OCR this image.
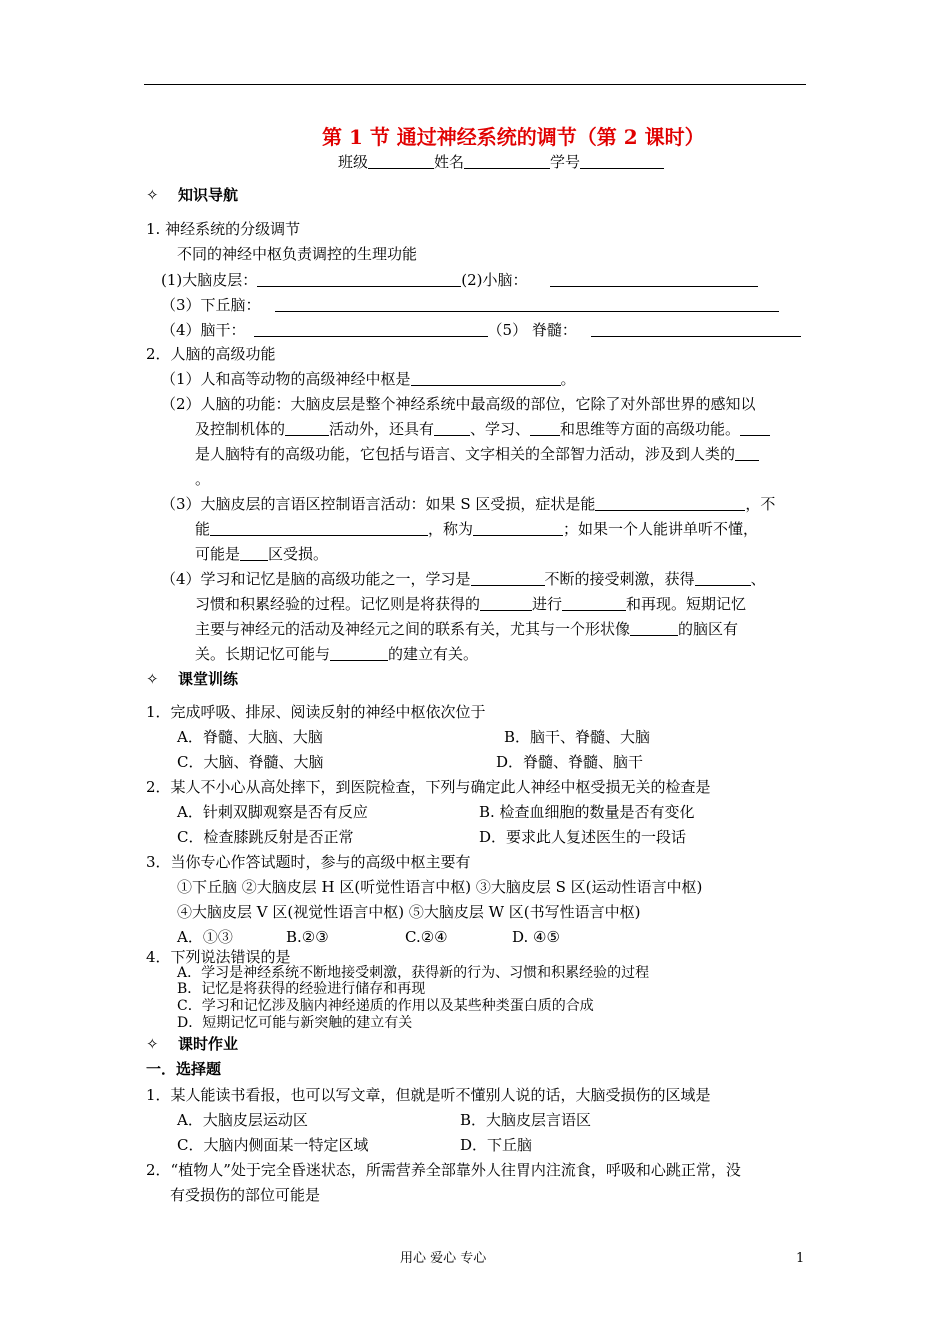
第 1 节 通过神经系统的调节（第 2 课时）
班级	姓名	学号
✧ 知识导航
1. 神经系统的分级调节
不同的神经中枢负责调控的生理功能
(1)大脑皮层：	(2)小脑：
（3）下丘脑：
（4）脑干：	（5） 脊髓：
2．人脑的高级功能
（1）人和高等动物的高级神经中枢是	。
（2）人脑的功能：大脑皮层是整个神经系统中最高级的部位，它除了对外部世界的感知以
及控制机体的	活动外，还具有 、学习、 和思维等方面的高级功能。
是人脑特有的高级功能，它包括与语言、文字相关的全部智力活动，涉及到人类的
。
（3）大脑皮层的言语区控制语言活动：如果 S 区受损，症状是能	，不
能	，称为	；如果一个人能讲单听不懂，
可能是 区受损。
（4）学习和记忆是脑的高级功能之一，学习是	不断的接受刺激，获得	、
习惯和积累经验的过程。记忆则是将获得的	进行	和再现。短期记忆
主要与神经元的活动及神经元之间的联系有关，尤其与一个形状像	的脑区有
关。长期记忆可能与	的建立有关。
✧ 课堂训练
1．完成呼吸、排尿、阅读反射的神经中枢依次位于
A．脊髓、大脑、大脑	B．脑干、脊髓、大脑
C．大脑、脊髓、大脑	D．脊髓、脊髓、脑干
2．某人不小心从高处摔下，到医院检查，下列与确定此人神经中枢受损无关的检查是
A．针刺双脚观察是否有反应	B. 检查血细胞的数量是否有变化
C．检查膝跳反射是否正常	D．要求此人复述医生的一段话
3．当你专心作答试题时，参与的高级中枢主要有
①下丘脑 ②大脑皮层 H 区(听觉性语言中枢) ③大脑皮层 S 区(运动性语言中枢)
④大脑皮层 V 区(视觉性语言中枢) ⑤大脑皮层 W 区(书写性语言中枢)
A．①③	B.②③	C.②④	D. ④⑤
4．下列说法错误的是
A．学习是神经系统不断地接受刺激，获得新的行为、习惯和积累经验的过程
B．记忆是将获得的经验进行储存和再现
C．学习和记忆涉及脑内神经递质的作用以及某些种类蛋白质的合成
D．短期记忆可能与新突触的建立有关
✧ 课时作业
一．选择题
1．某人能读书看报，也可以写文章，但就是听不懂别人说的话，大脑受损伤的区域是
A．大脑皮层运动区	B．大脑皮层言语区
C．大脑内侧面某一特定区域	D．下丘脑
2．“植物人”处于完全昏迷状态，所需营养全部靠外人往胃内注流食，呼吸和心跳正常，没
有受损伤的部位可能是
用心 爱心 专心	1
